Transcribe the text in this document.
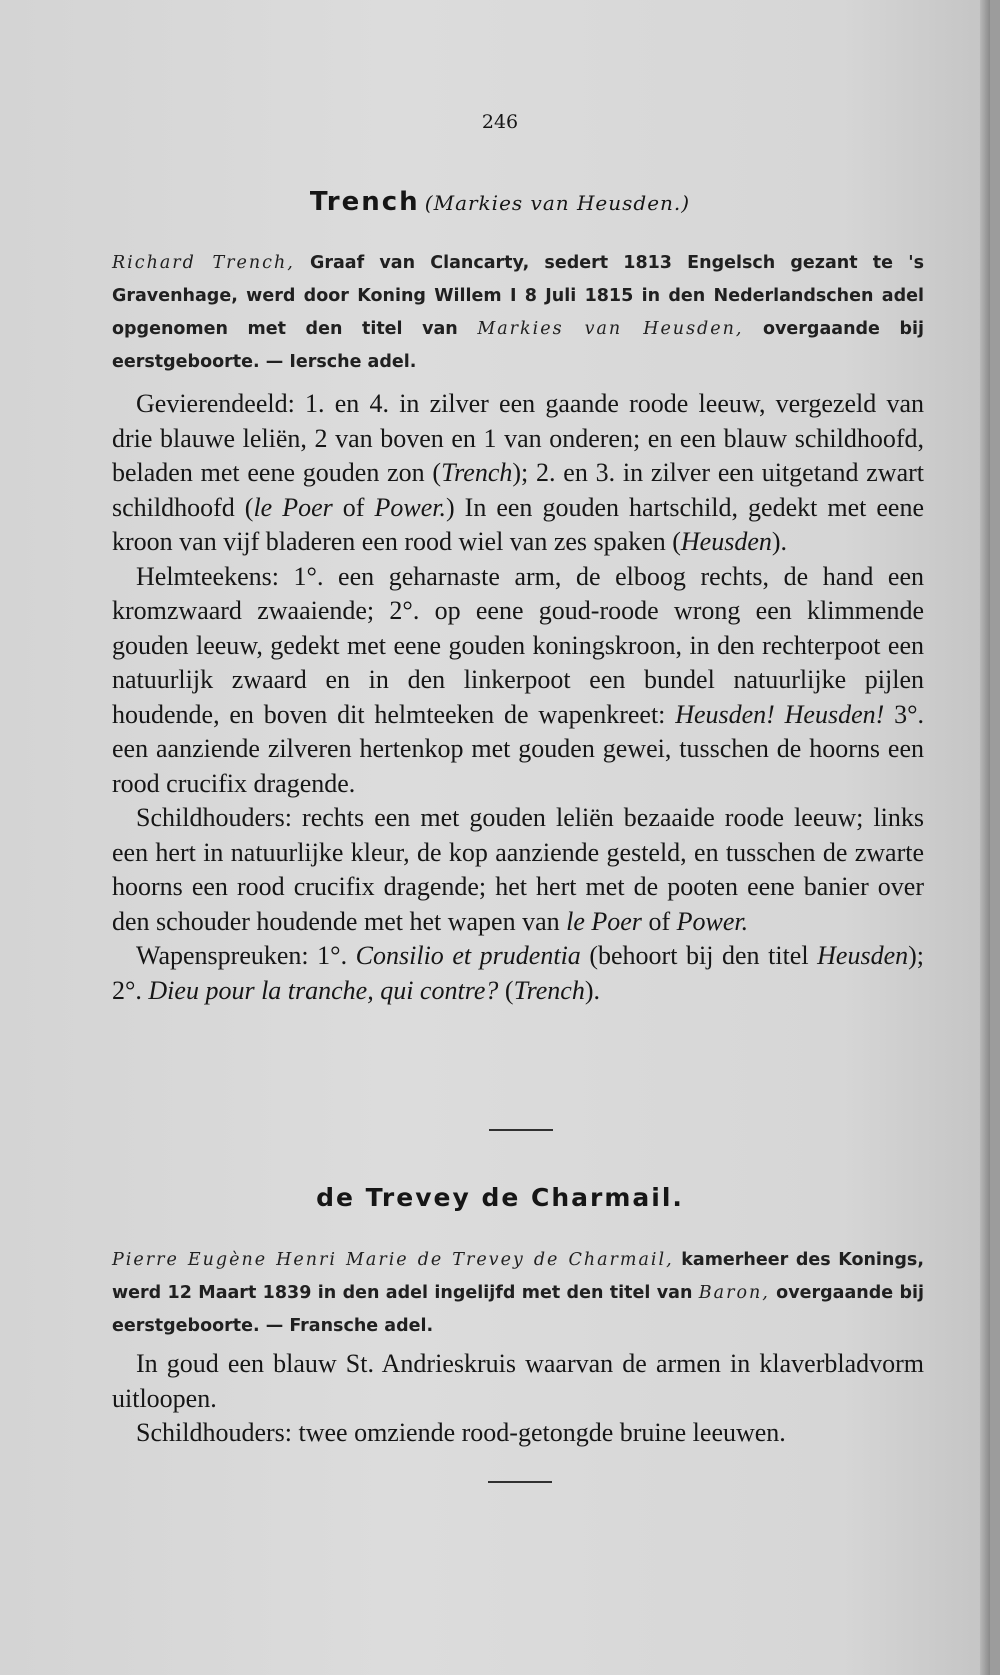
246
Trench (Markies van Heusden.)
Richard Trench, Graaf van Clancarty, sedert 1813 Engelsch gezant te 's Gravenhage, werd door Koning Willem I 8 Juli 1815 in den Nederlandschen adel opgenomen met den titel van Markies van Heusden, overgaande bij eerstgeboorte. — Iersche adel.

Gevierendeeld: 1. en 4. in zilver een gaande roode leeuw, vergezeld van drie blauwe leliën, 2 van boven en 1 van onderen; en een blauw schildhoofd, beladen met eene gouden zon (Trench); 2. en 3. in zilver een uitgetand zwart schildhoofd (le Poer of Power.) In een gouden hartschild, gedekt met eene kroon van vijf bladeren een rood wiel van zes spaken (Heusden).

Helmteekens: 1°. een geharnaste arm, de elboog rechts, de hand een kromzwaard zwaaiende; 2°. op eene goud-roode wrong een klimmende gouden leeuw, gedekt met eene gouden koningskroon, in den rechterpoot een natuurlijk zwaard en in den linkerpoot een bundel natuurlijke pijlen houdende, en boven dit helmteeken de wapenkreet: Heusden! Heusden! 3°. een aanziende zilveren hertenkop met gouden gewei, tusschen de hoorns een rood crucifix dragende.

Schildhouders: rechts een met gouden leliën bezaaide roode leeuw; links een hert in natuurlijke kleur, de kop aanziende gesteld, en tusschen de zwarte hoorns een rood crucifix dragende; het hert met de pooten eene banier over den schouder houdende met het wapen van le Poer of Power.

Wapenspreuken: 1°. Consilio et prudentia (behoort bij den titel Heusden); 2°. Dieu pour la tranche, qui contre? (Trench).

de Trevey de Charmail.
Pierre Eugène Henri Marie de Trevey de Charmail, kamerheer des Konings, werd 12 Maart 1839 in den adel ingelijfd met den titel van Baron, overgaande bij eerstgeboorte. — Fransche adel.

In goud een blauw St. Andrieskruis waarvan de armen in klaverbladvorm uitloopen.

Schildhouders: twee omziende rood-getongde bruine leeuwen.
